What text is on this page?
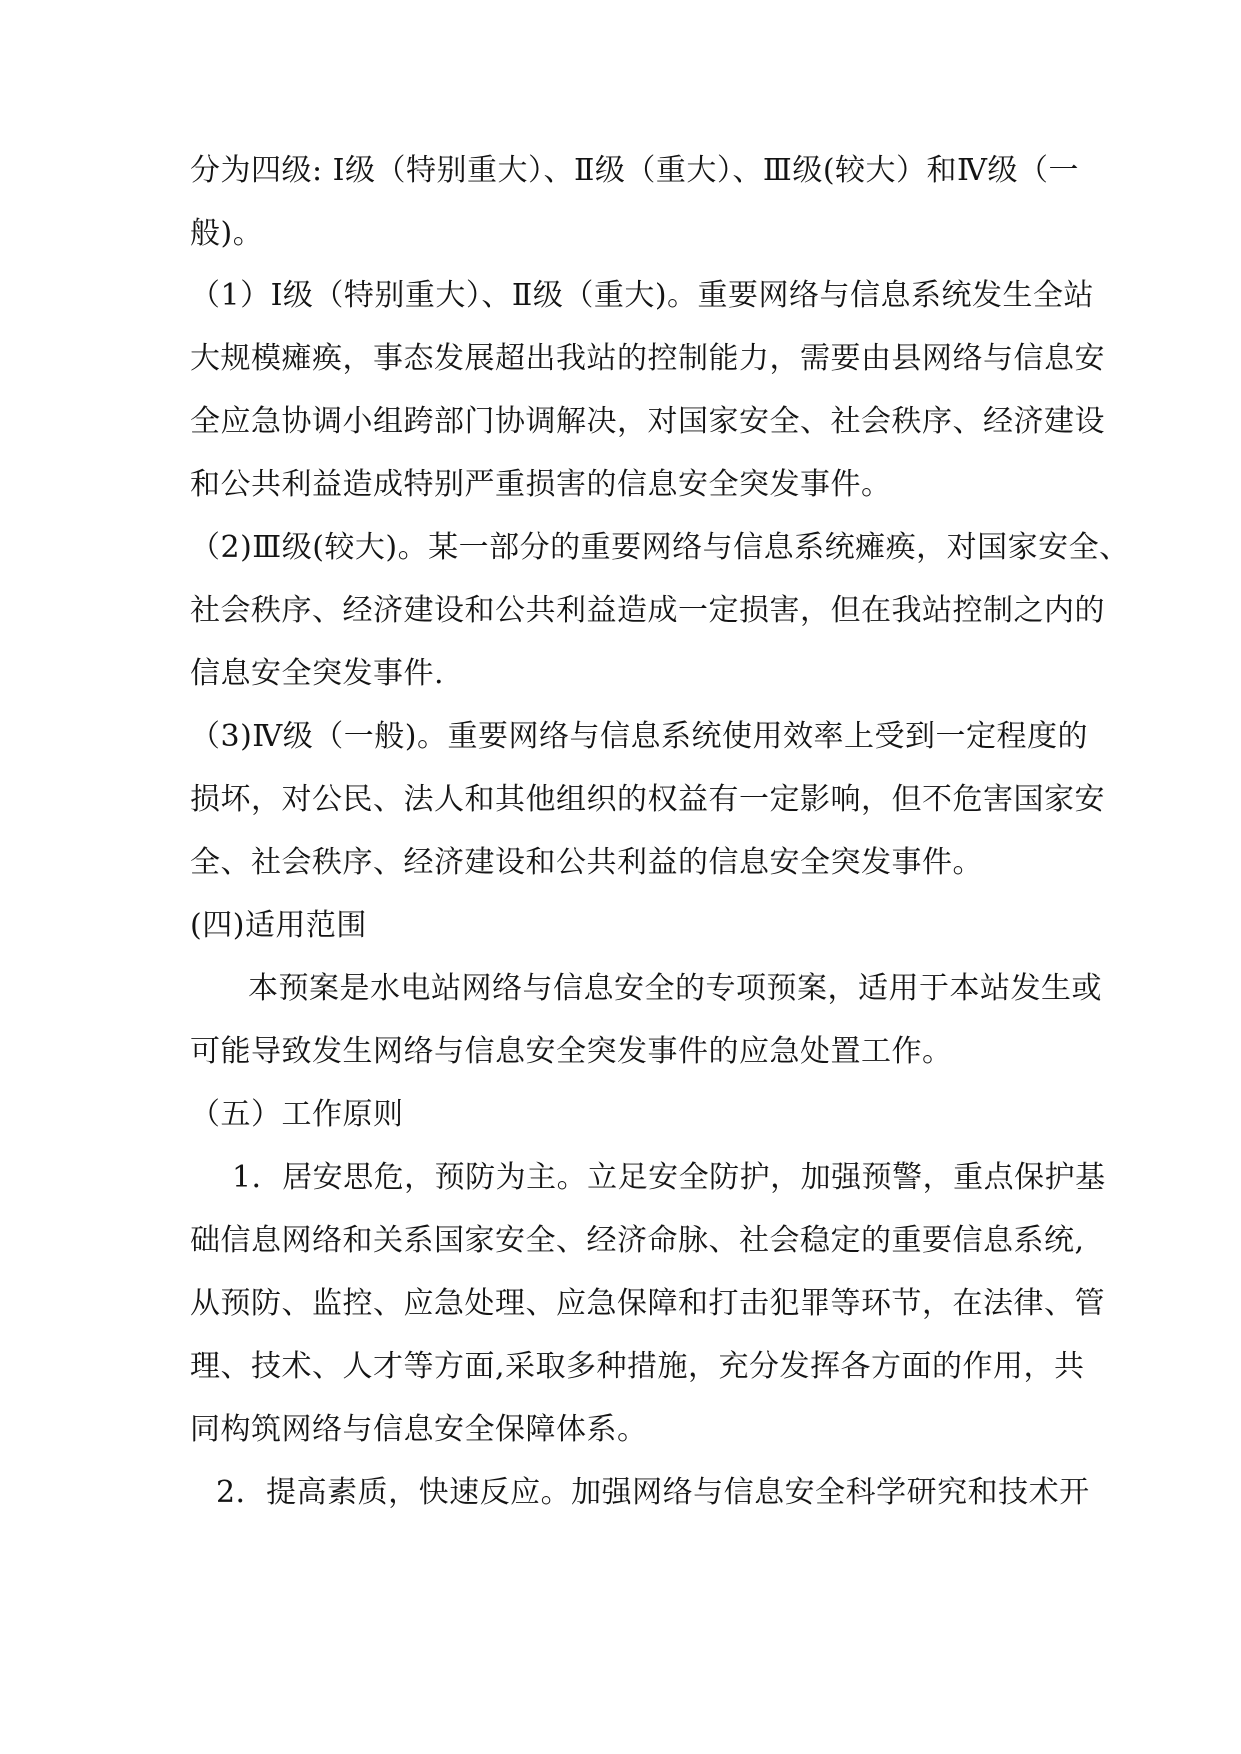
分为四级: Ⅰ级（特别重大）、Ⅱ级（重大）、Ⅲ级(较大）和Ⅳ级（一
般)。
（1）Ⅰ级（特别重大）、Ⅱ级（重大)。重要网络与信息系统发生全站
大规模瘫痪，事态发展超出我站的控制能力，需要由县网络与信息安
全应急协调小组跨部门协调解决，对国家安全、社会秩序、经济建设
和公共利益造成特别严重损害的信息安全突发事件。
（2)Ⅲ级(较大)。某一部分的重要网络与信息系统瘫痪，对国家安全、
社会秩序、经济建设和公共利益造成一定损害，但在我站控制之内的
信息安全突发事件.
（3)Ⅳ级（一般)。重要网络与信息系统使用效率上受到一定程度的
损坏，对公民、法人和其他组织的权益有一定影响，但不危害国家安
全、社会秩序、经济建设和公共利益的信息安全突发事件。
(四)适用范围
本预案是水电站网络与信息安全的专项预案，适用于本站发生或
可能导致发生网络与信息安全突发事件的应急处置工作。
（五）工作原则
1．居安思危，预防为主。立足安全防护，加强预警，重点保护基
础信息网络和关系国家安全、经济命脉、社会稳定的重要信息系统,
从预防、监控、应急处理、应急保障和打击犯罪等环节，在法律、管
理、技术、人才等方面,采取多种措施，充分发挥各方面的作用，共
同构筑网络与信息安全保障体系。
2．提高素质，快速反应。加强网络与信息安全科学研究和技术开
